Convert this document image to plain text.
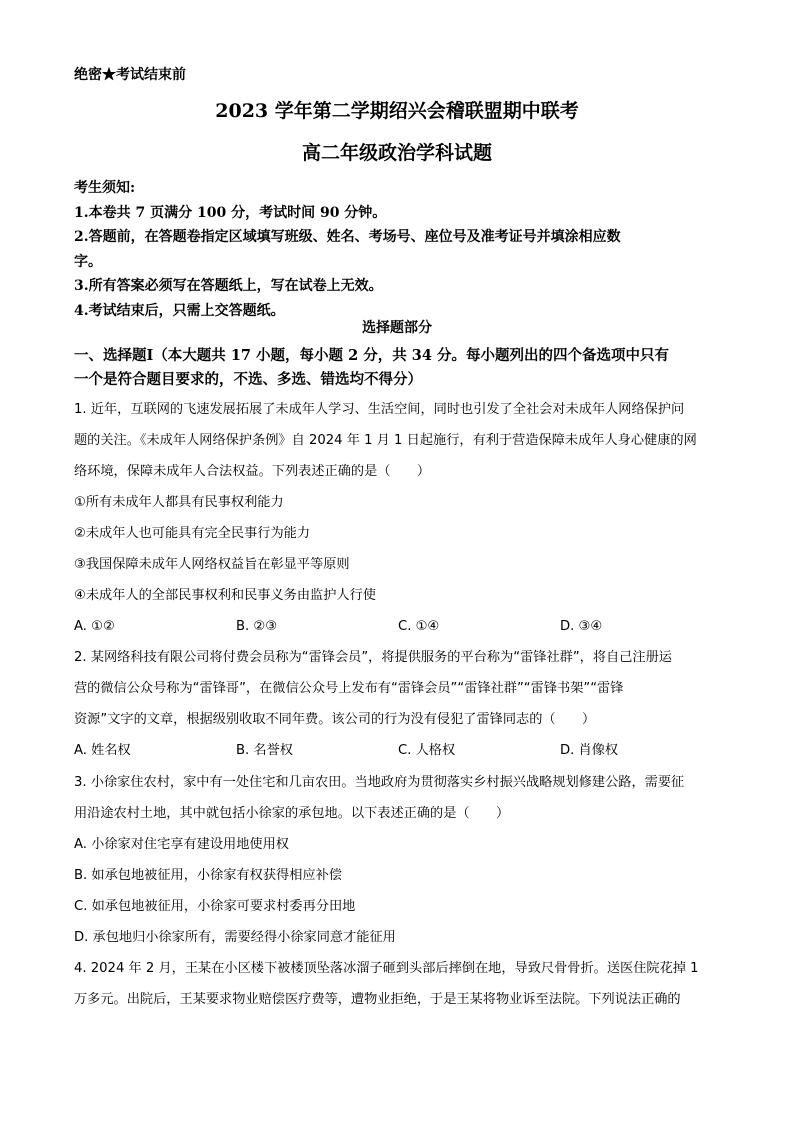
绝密★考试结束前
2023 学年第二学期绍兴会稽联盟期中联考
高二年级政治学科试题
考生须知:
1.本卷共 7 页满分 100 分，考试时间 90 分钟。
2.答题前，在答题卷指定区域填写班级、姓名、考场号、座位号及准考证号并填涂相应数
字。
3.所有答案必须写在答题纸上，写在试卷上无效。
4.考试结束后，只需上交答题纸。
选择题部分
一、选择题Ⅰ（本大题共 17 小题，每小题 2 分，共 34 分。每小题列出的四个备选项中只有
一个是符合题目要求的，不选、多选、错选均不得分）
1. 近年，互联网的飞速发展拓展了未成年人学习、生活空间，同时也引发了全社会对未成年人网络保护问
题的关注。《未成年人网络保护条例》自 2024 年 1 月 1 日起施行，有利于营造保障未成年人身心健康的网
络环境，保障未成年人合法权益。下列表述正确的是（　　）
①所有未成年人都具有民事权利能力
②未成年人也可能具有完全民事行为能力
③我国保障未成年人网络权益旨在彰显平等原则
④未成年人的全部民事权利和民事义务由监护人行使
A. ①②	B. ②③	C. ①④	D. ③④
2. 某网络科技有限公司将付费会员称为“雷锋会员”，将提供服务的平台称为“雷锋社群”，将自己注册运
营的微信公众号称为“雷锋哥”，在微信公众号上发布有“雷锋会员”“雷锋社群”“雷锋书架”“雷锋
资源”文字的文章，根据级别收取不同年费。该公司的行为没有侵犯了雷锋同志的（　　）
A. 姓名权	B. 名誉权	C. 人格权	D. 肖像权
3. 小徐家住农村，家中有一处住宅和几亩农田。当地政府为贯彻落实乡村振兴战略规划修建公路，需要征
用沿途农村土地，其中就包括小徐家的承包地。以下表述正确的是（　　）
A. 小徐家对住宅享有建设用地使用权
B. 如承包地被征用，小徐家有权获得相应补偿
C. 如承包地被征用，小徐家可要求村委再分田地
D. 承包地归小徐家所有，需要经得小徐家同意才能征用
4. 2024 年 2 月，王某在小区楼下被楼顶坠落冰溜子砸到头部后摔倒在地，导致尺骨骨折。送医住院花掉 1
万多元。出院后，王某要求物业赔偿医疗费等，遭物业拒绝，于是王某将物业诉至法院。下列说法正确的
